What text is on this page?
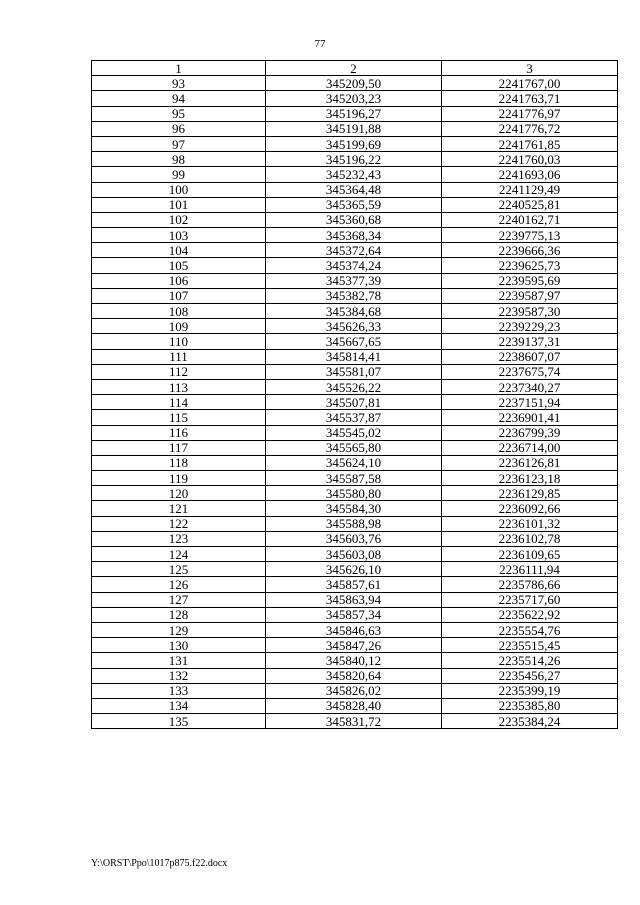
77
1	2	3
93	345209,50	2241767,00
94	345203,23	2241763,71
95	345196,27	2241776,97
96	345191,88	2241776,72
97	345199,69	2241761,85
98	345196,22	2241760,03
99	345232,43	2241693,06
100	345364,48	2241129,49
101	345365,59	2240525,81
102	345360,68	2240162,71
103	345368,34	2239775,13
104	345372,64	2239666,36
105	345374,24	2239625,73
106	345377,39	2239595,69
107	345382,78	2239587,97
108	345384,68	2239587,30
109	345626,33	2239229,23
110	345667,65	2239137,31
111	345814,41	2238607,07
112	345581,07	2237675,74
113	345526,22	2237340,27
114	345507,81	2237151,94
115	345537,87	2236901,41
116	345545,02	2236799,39
117	345565,80	2236714,00
118	345624,10	2236126,81
119	345587,58	2236123,18
120	345580,80	2236129,85
121	345584,30	2236092,66
122	345588,98	2236101,32
123	345603,76	2236102,78
124	345603,08	2236109,65
125	345626,10	2236111,94
126	345857,61	2235786,66
127	345863,94	2235717,60
128	345857,34	2235622,92
129	345846,63	2235554,76
130	345847,26	2235515,45
131	345840,12	2235514,26
132	345820,64	2235456,27
133	345826,02	2235399,19
134	345828,40	2235385,80
135	345831,72	2235384,24
Y:\ORST\Ppo\1017p875.f22.docx
